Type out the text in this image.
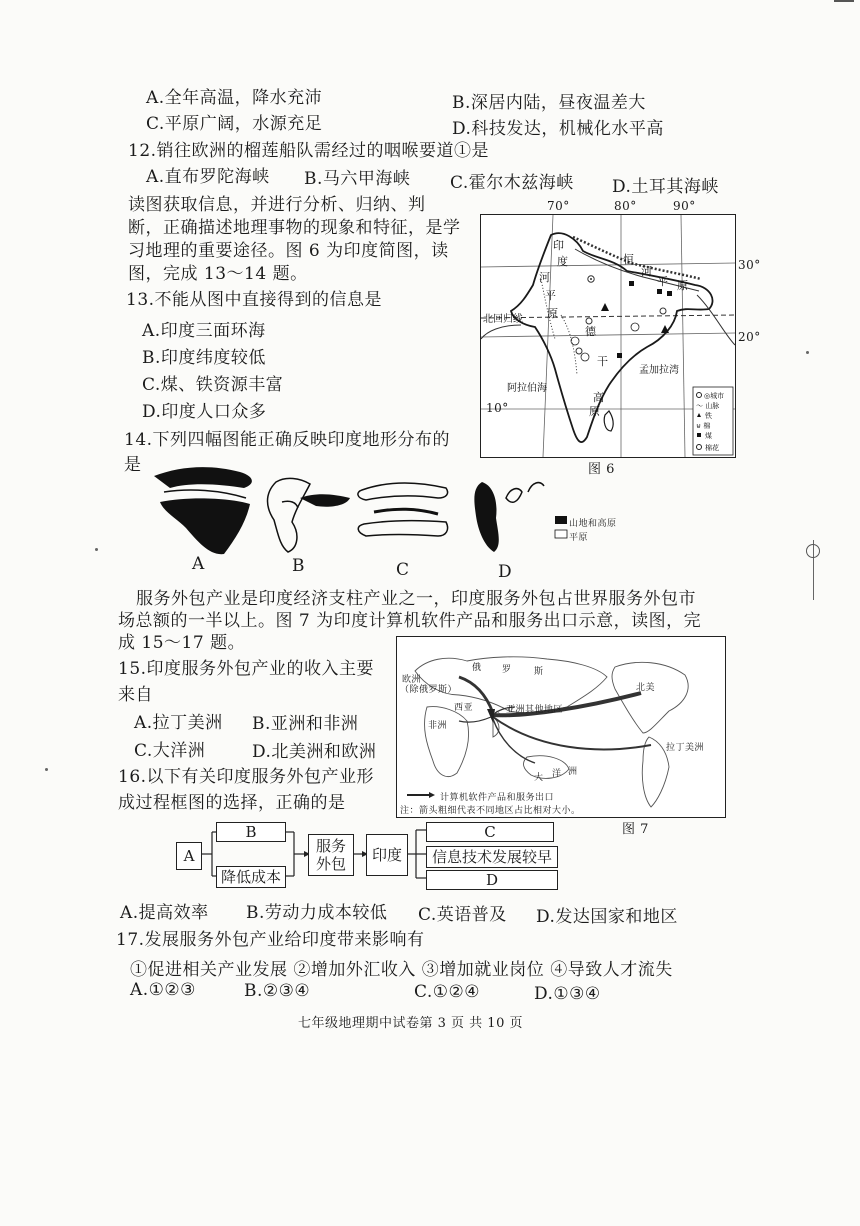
A.全年高温，降水充沛	B.深居内陆，昼夜温差大
C.平原广阔，水源充足	D.科技发达，机械化水平高
12.销往欧洲的榴莲船队需经过的咽喉要道①是
A.直布罗陀海峡 B.马六甲海峡 C.霍尔木兹海峡 D.土耳其海峡
读图获取信息，并进行分析、归纳、判
断，正确描述地理事物的现象和特征，是学
习地理的重要途径。图 6 为印度简图，读
图，完成 13～14 题。
13.不能从图中直接得到的信息是
A.印度三面环海
B.印度纬度较低
C.煤、铁资源丰富
D.印度人口众多
14.下列四幅图能正确反映印度地形分布的
是
印
度
河
平
原
恒
河
平 原
德
干
高
原
北回归线
阿拉伯海
孟加拉湾
◎城市
〜 山脉
铁
⊌ 棉
煤
棉花
70°	80°	90°
30°
20°
10°
图 6
山地和高原
平原
A	B	C	D
服务外包产业是印度经济支柱产业之一，印度服务外包占世界服务外包市
场总额的一半以上。图 7 为印度计算机软件产品和服务出口示意，读图，完
成 15～17 题。
欧洲
（除俄罗斯）
俄 罗 斯
西亚	亚洲其他地区
非洲
北美
拉丁美洲
大 洋 洲
计算机软件产品和服务出口
注：箭头粗细代表不同地区占比相对大小。
图 7
15.印度服务外包产业的收入主要
来自
A.拉丁美洲 B.亚洲和非洲
C.大洋洲	D.北美洲和欧洲
16.以下有关印度服务外包产业形
成过程框图的选择，正确的是
A
B
降低成本
服务外包	印度
C
信息技术发展较早
D
A.提高效率 B.劳动力成本较低 C.英语普及 D.发达国家和地区
17.发展服务外包产业给印度带来影响有
①促进相关产业发展 ②增加外汇收入 ③增加就业岗位 ④导致人才流失
A.①②③	B.②③④	C.①②④	D.①③④
七年级地理期中试卷第 3 页 共 10 页
